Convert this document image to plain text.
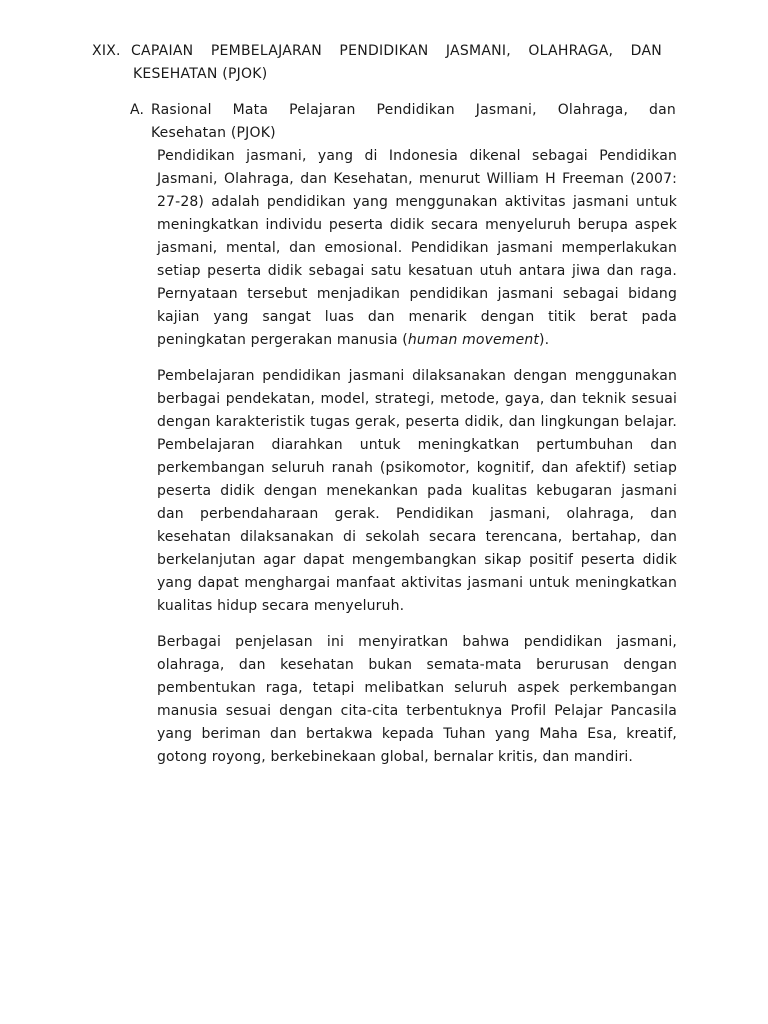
XIX. CAPAIAN PEMBELAJARAN PENDIDIKAN JASMANI, OLAHRAGA, DAN
KESEHATAN (PJOK)
A. Rasional Mata Pelajaran Pendidikan Jasmani, Olahraga, dan
Kesehatan (PJOK)

Pendidikan jasmani, yang di Indonesia dikenal sebagai Pendidikan Jasmani, Olahraga, dan Kesehatan, menurut William H Freeman (2007: 27-28) adalah pendidikan yang menggunakan aktivitas jasmani untuk meningkatkan individu peserta didik secara menyeluruh berupa aspek jasmani, mental, dan emosional. Pendidikan jasmani memperlakukan setiap peserta didik sebagai satu kesatuan utuh antara jiwa dan raga. Pernyataan tersebut menjadikan pendidikan jasmani sebagai bidang kajian yang sangat luas dan menarik dengan titik berat pada peningkatan pergerakan manusia (human movement).

Pembelajaran pendidikan jasmani dilaksanakan dengan menggunakan berbagai pendekatan, model, strategi, metode, gaya, dan teknik sesuai dengan karakteristik tugas gerak, peserta didik, dan lingkungan belajar. Pembelajaran diarahkan untuk meningkatkan pertumbuhan dan perkembangan seluruh ranah (psikomotor, kognitif, dan afektif) setiap peserta didik dengan menekankan pada kualitas kebugaran jasmani dan perbendaharaan gerak. Pendidikan jasmani, olahraga, dan kesehatan dilaksanakan di sekolah secara terencana, bertahap, dan berkelanjutan agar dapat mengembangkan sikap positif peserta didik yang dapat menghargai manfaat aktivitas jasmani untuk meningkatkan kualitas hidup secara menyeluruh.

Berbagai penjelasan ini menyiratkan bahwa pendidikan jasmani, olahraga, dan kesehatan bukan semata-mata berurusan dengan pembentukan raga, tetapi melibatkan seluruh aspek perkembangan manusia sesuai dengan cita-cita terbentuknya Profil Pelajar Pancasila yang beriman dan bertakwa kepada Tuhan yang Maha Esa, kreatif, gotong royong, berkebinekaan global, bernalar kritis, dan mandiri.
